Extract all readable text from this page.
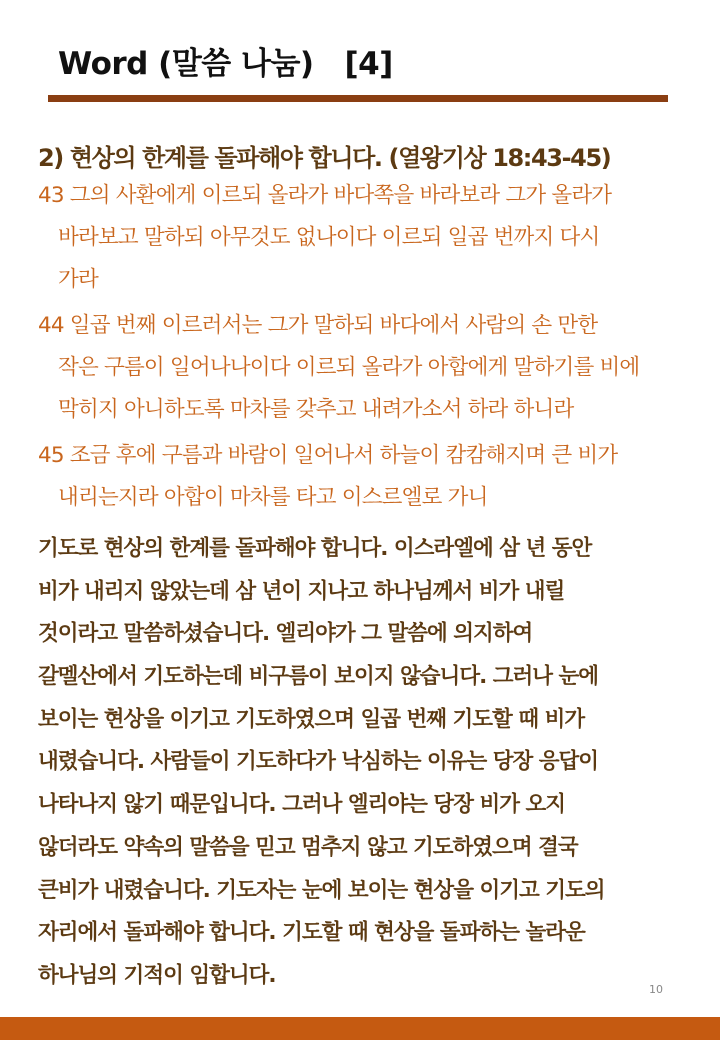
Word (말씀 나눔)   [4]
2) 현상의 한계를 돌파해야 합니다. (열왕기상 18:43-45)
43 그의 사환에게 이르되 올라가 바다쪽을 바라보라 그가 올라가
바라보고 말하되 아무것도 없나이다 이르되 일곱 번까지 다시
가라
44 일곱 번째 이르러서는 그가 말하되 바다에서 사람의 손 만한
작은 구름이 일어나나이다 이르되 올라가 아합에게 말하기를 비에
막히지 아니하도록 마차를 갖추고 내려가소서 하라 하니라
45 조금 후에 구름과 바람이 일어나서 하늘이 캄캄해지며 큰 비가
내리는지라 아합이 마차를 타고 이스르엘로 가니
기도로 현상의 한계를 돌파해야 합니다. 이스라엘에 삼 년 동안
비가 내리지 않았는데 삼 년이 지나고 하나님께서 비가 내릴
것이라고 말씀하셨습니다. 엘리야가 그 말씀에 의지하여
갈멜산에서 기도하는데 비구름이 보이지 않습니다. 그러나 눈에
보이는 현상을 이기고 기도하였으며 일곱 번째 기도할 때 비가
내렸습니다. 사람들이 기도하다가 낙심하는 이유는 당장 응답이
나타나지 않기 때문입니다. 그러나 엘리야는 당장 비가 오지
않더라도 약속의 말씀을 믿고 멈추지 않고 기도하였으며 결국
큰비가 내렸습니다. 기도자는 눈에 보이는 현상을 이기고 기도의
자리에서 돌파해야 합니다. 기도할 때 현상을 돌파하는 놀라운
하나님의 기적이 임합니다.
10
